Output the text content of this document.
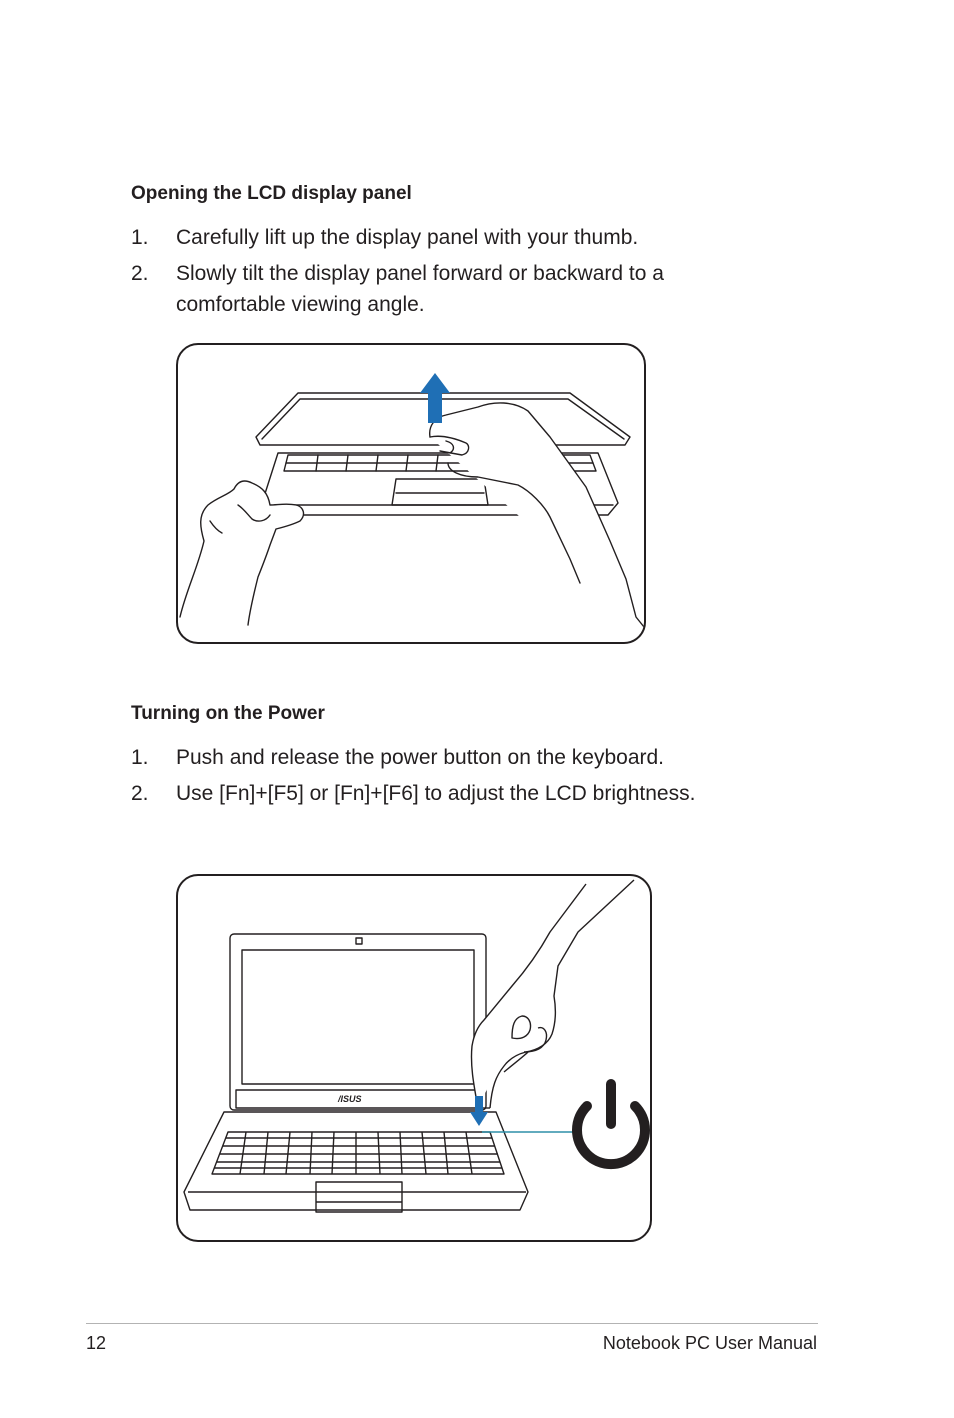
Opening the LCD display panel
1.	Carefully lift up the display panel with your thumb.
2.	Slowly tilt the display panel forward or backward to a comfortable viewing angle.
Turning on the Power
1.	Push and release the power button on the keyboard.
2.	Use [Fn]+[F5] or [Fn]+[F6] to adjust the LCD brightness.
/ISUS
12	Notebook PC User Manual
